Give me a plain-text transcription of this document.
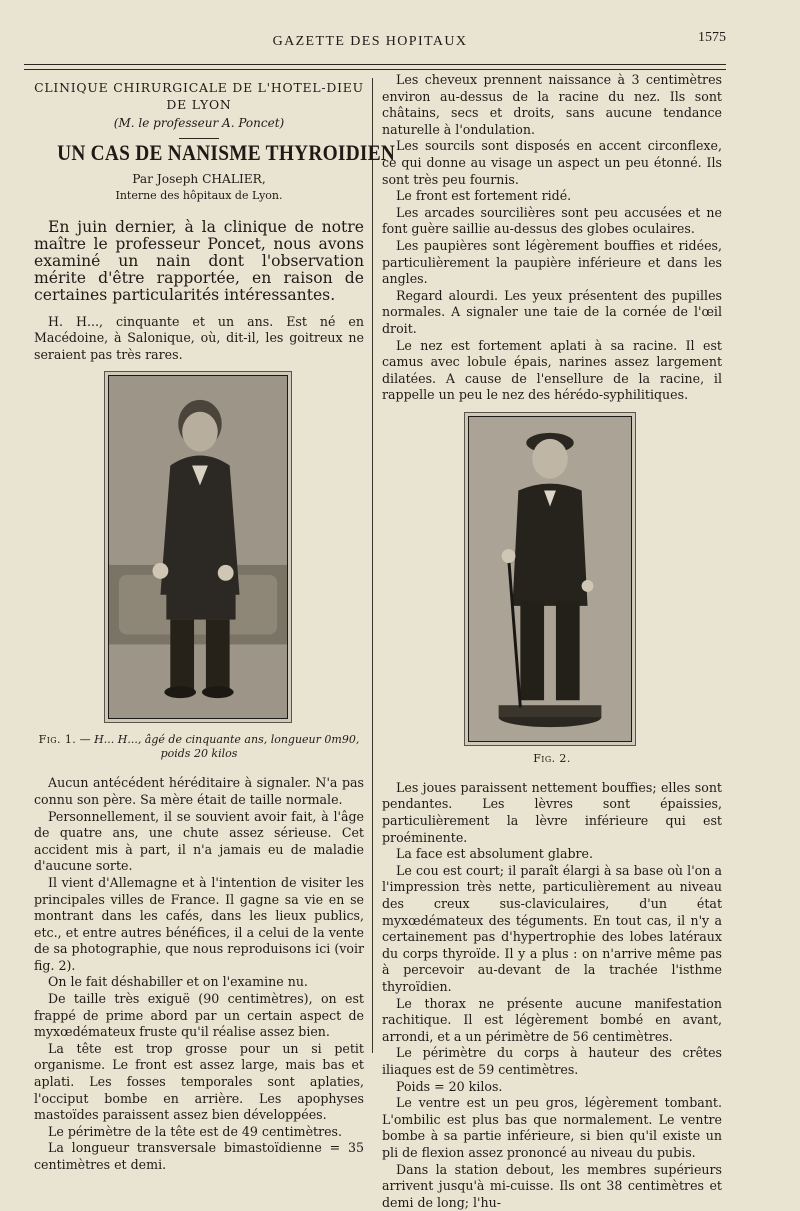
GAZETTE DES HOPITAUX	1575

CLINIQUE CHIRURGICALE DE L'HOTEL-DIEU DE LYON

(M. le professeur A. Poncet)

UN CAS DE NANISME THYROIDIEN

Par Joseph CHALIER,

Interne des hôpitaux de Lyon.

En juin dernier, à la clinique de notre maître le professeur Poncet, nous avons examiné un nain dont l'observation mérite d'être rapportée, en raison de certaines particularités intéressantes.

H. H..., cinquante et un ans. Est né en Macédoine, à Salonique, où, dit-il, les goitreux ne seraient pas très rares.

Fig. 1. — H... H..., âgé de cinquante ans, longueur 0m90, poids 20 kilos

Aucun antécédent héréditaire à signaler. N'a pas connu son père. Sa mère était de taille normale.

Personnellement, il se souvient avoir fait, à l'âge de quatre ans, une chute assez sérieuse. Cet accident mis à part, il n'a jamais eu de maladie d'aucune sorte.

Il vient d'Allemagne et à l'intention de visiter les principales villes de France. Il gagne sa vie en se montrant dans les cafés, dans les lieux publics, etc., et entre autres bénéfices, il a celui de la vente de sa photographie, que nous reproduisons ici (voir fig. 2).

On le fait déshabiller et on l'examine nu.

De taille très exiguë (90 centimètres), on est frappé de prime abord par un certain aspect de myxœdémateux fruste qu'il réalise assez bien.

La tête est trop grosse pour un si petit organisme. Le front est assez large, mais bas et aplati. Les fosses temporales sont aplaties, l'occiput bombe en arrière. Les apophyses mastoïdes paraissent assez bien développées.

Le périmètre de la tête est de 49 centimètres.

La longueur transversale bimastoïdienne = 35 centimètres et demi.

Les cheveux prennent naissance à 3 centimètres environ au-dessus de la racine du nez. Ils sont châtains, secs et droits, sans aucune tendance naturelle à l'ondulation.

Les sourcils sont disposés en accent circonflexe, ce qui donne au visage un aspect un peu étonné. Ils sont très peu fournis.

Le front est fortement ridé.

Les arcades sourcilières sont peu accusées et ne font guère saillie au-dessus des globes oculaires.

Les paupières sont légèrement bouffies et ridées, particulièrement la paupière inférieure et dans les angles.

Regard alourdi. Les yeux présentent des pupilles normales. A signaler une taie de la cornée de l'œil droit.

Le nez est fortement aplati à sa racine. Il est camus avec lobule épais, narines assez largement dilatées. A cause de l'ensellure de la racine, il rappelle un peu le nez des hérédo-syphilitiques.

Fig. 2.

Les joues paraissent nettement bouffies; elles sont pendantes. Les lèvres sont épaissies, particulièrement la lèvre inférieure qui est proéminente.

La face est absolument glabre.

Le cou est court; il paraît élargi à sa base où l'on a l'impression très nette, particulièrement au niveau des creux sus-claviculaires, d'un état myxœdémateux des téguments. En tout cas, il n'y a certainement pas d'hypertrophie des lobes latéraux du corps thyroïde. Il y a plus : on n'arrive même pas à percevoir au-devant de la trachée l'isthme thyroïdien.

Le thorax ne présente aucune manifestation rachitique. Il est légèrement bombé en avant, arrondi, et a un périmètre de 56 centimètres.

Le périmètre du corps à hauteur des crêtes iliaques est de 59 centimètres.

Poids = 20 kilos.

Le ventre est un peu gros, légèrement tombant. L'ombilic est plus bas que normalement. Le ventre bombe à sa partie inférieure, si bien qu'il existe un pli de flexion assez prononcé au niveau du pubis.

Dans la station debout, les membres supérieurs arrivent jusqu'à mi-cuisse. Ils ont 38 centimètres et demi de long; l'hu-
